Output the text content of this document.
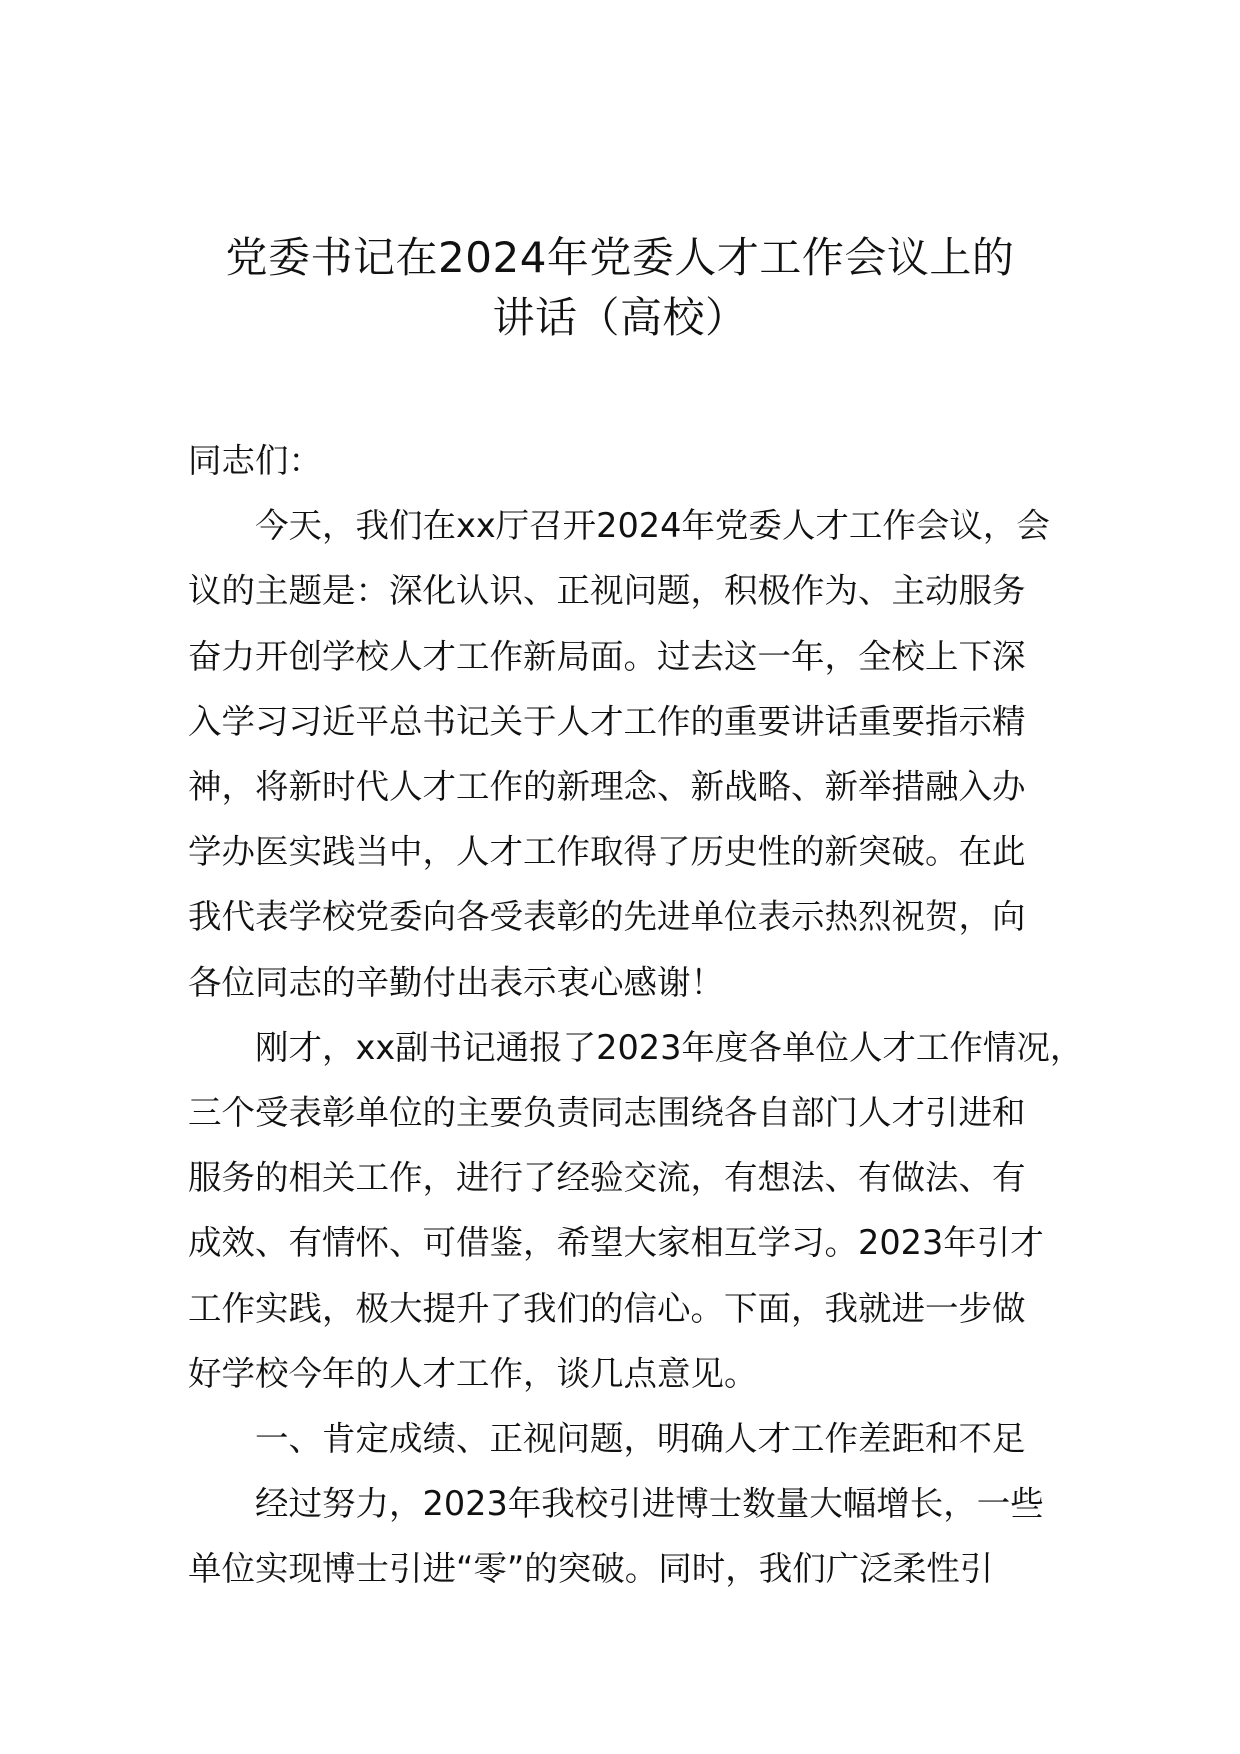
党委书记在2024年党委人才工作会议上的
讲话（高校）

同志们：

今天，我们在xx厅召开2024年党委人才工作会议，会
议的主题是：深化认识、正视问题，积极作为、主动服务
奋力开创学校人才工作新局面。过去这一年，全校上下深
入学习习近平总书记关于人才工作的重要讲话重要指示精
神，将新时代人才工作的新理念、新战略、新举措融入办
学办医实践当中，人才工作取得了历史性的新突破。在此
我代表学校党委向各受表彰的先进单位表示热烈祝贺，向
各位同志的辛勤付出表示衷心感谢！

刚才，xx副书记通报了2023年度各单位人才工作情况，
三个受表彰单位的主要负责同志围绕各自部门人才引进和
服务的相关工作，进行了经验交流，有想法、有做法、有
成效、有情怀、可借鉴，希望大家相互学习。2023年引才
工作实践，极大提升了我们的信心。下面，我就进一步做
好学校今年的人才工作，谈几点意见。

一、肯定成绩、正视问题，明确人才工作差距和不足

经过努力，2023年我校引进博士数量大幅增长，一些
单位实现博士引进“零”的突破。同时，我们广泛柔性引
